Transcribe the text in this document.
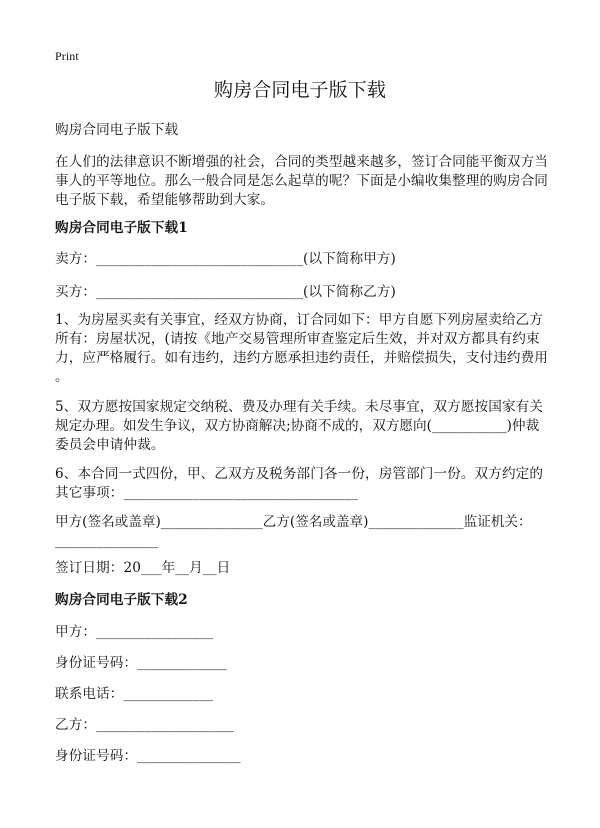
Print
购房合同电子版下载
购房合同电子版下载
在人们的法律意识不断增强的社会，合同的类型越来越多，签订合同能平衡双方当
事人的平等地位。那么一般合同是怎么起草的呢？下面是小编收集整理的购房合同
电子版下载，希望能够帮助到大家。
购房合同电子版下载1
卖方：______________________________(以下简称甲方)
买方：______________________________(以下简称乙方)
1、为房屋买卖有关事宜，经双方协商，订合同如下：甲方自愿下列房屋卖给乙方
所有：房屋状况，(请按《地产交易管理所审查鉴定后生效，并对双方都具有约束
力，应严格履行。如有违约，违约方愿承担违约责任，并赔偿损失，支付违约费用
。
5、双方愿按国家规定交纳税、费及办理有关手续。未尽事宜，双方愿按国家有关
规定办理。如发生争议，双方协商解决;协商不成的，双方愿向(___________)仲裁
委员会申请仲裁。
6、本合同一式四份，甲、乙双方及税务部门各一份，房管部门一份。双方约定的
其它事项：__________________________________
甲方(签名或盖章)_______________乙方(签名或盖章)______________监证机关：
_______________
签订日期：20___年__月__日
购房合同电子版下载2
甲方：_________________
身份证号码：_____________
联系电话：_____________
乙方：____________________
身份证号码：_______________
